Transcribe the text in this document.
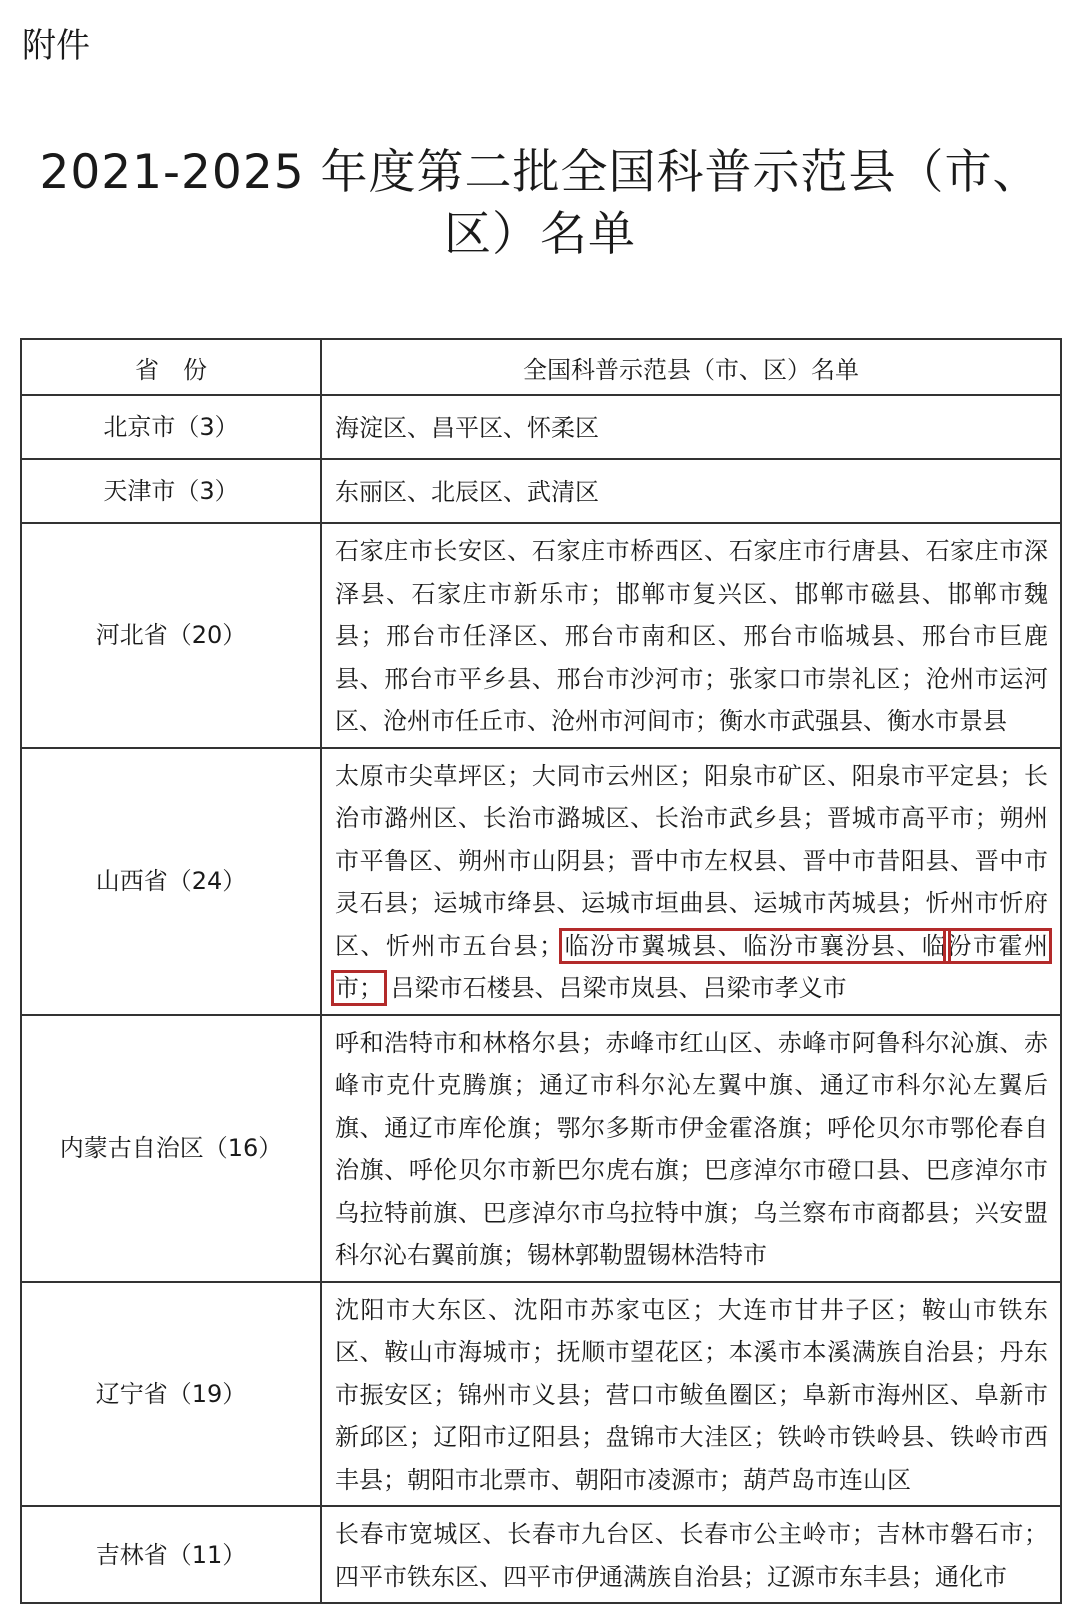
附件
2021-2025 年度第二批全国科普示范县（市、
区）名单
省　份	全国科普示范县（市、区）名单
北京市（3）	海淀区、昌平区、怀柔区
天津市（3）	东丽区、北辰区、武清区
河北省（20）	石家庄市长安区、石家庄市桥西区、石家庄市行唐县、石家庄市深泽县、石家庄市新乐市；邯郸市复兴区、邯郸市磁县、邯郸市魏县；邢台市任泽区、邢台市南和区、邢台市临城县、邢台市巨鹿县、邢台市平乡县、邢台市沙河市；张家口市崇礼区；沧州市运河区、沧州市任丘市、沧州市河间市；衡水市武强县、衡水市景县
山西省（24）	太原市尖草坪区；大同市云州区；阳泉市矿区、阳泉市平定县；长治市潞州区、长治市潞城区、长治市武乡县；晋城市高平市；朔州市平鲁区、朔州市山阴县；晋中市左权县、晋中市昔阳县、晋中市灵石县；运城市绛县、运城市垣曲县、运城市芮城县；忻州市忻府区、忻州市五台县；临汾市翼城县、临汾市襄汾县、临汾市霍州市； 吕梁市石楼县、吕梁市岚县、吕梁市孝义市
内蒙古自治区（16）	呼和浩特市和林格尔县；赤峰市红山区、赤峰市阿鲁科尔沁旗、赤峰市克什克腾旗；通辽市科尔沁左翼中旗、通辽市科尔沁左翼后旗、通辽市库伦旗；鄂尔多斯市伊金霍洛旗；呼伦贝尔市鄂伦春自治旗、呼伦贝尔市新巴尔虎右旗；巴彦淖尔市磴口县、巴彦淖尔市乌拉特前旗、巴彦淖尔市乌拉特中旗；乌兰察布市商都县；兴安盟科尔沁右翼前旗；锡林郭勒盟锡林浩特市
辽宁省（19）	沈阳市大东区、沈阳市苏家屯区；大连市甘井子区；鞍山市铁东区、鞍山市海城市；抚顺市望花区；本溪市本溪满族自治县；丹东市振安区；锦州市义县；营口市鲅鱼圈区；阜新市海州区、阜新市新邱区；辽阳市辽阳县；盘锦市大洼区；铁岭市铁岭县、铁岭市西丰县；朝阳市北票市、朝阳市凌源市；葫芦岛市连山区
吉林省（11）	长春市宽城区、长春市九台区、长春市公主岭市；吉林市磐石市；四平市铁东区、四平市伊通满族自治县；辽源市东丰县；通化市
